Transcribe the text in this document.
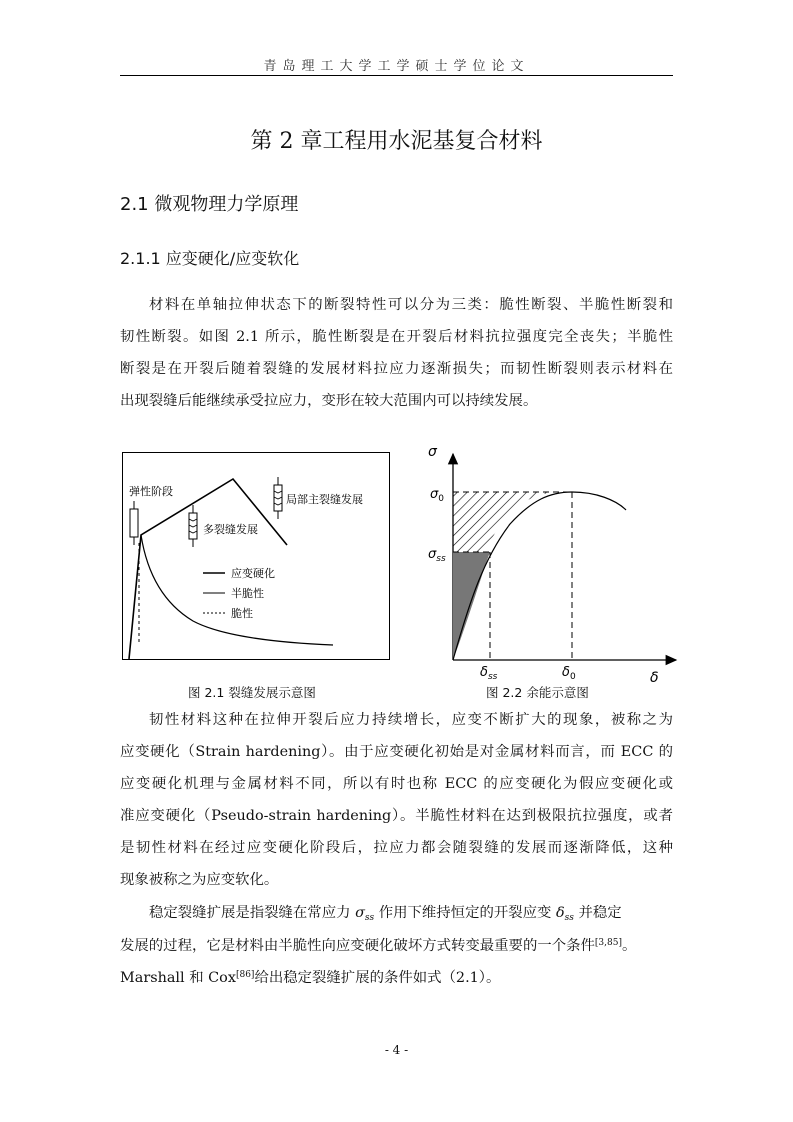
青岛理工大学工学硕士学位论文
第 2 章工程用水泥基复合材料
2.1 微观物理力学原理
2.1.1 应变硬化/应变软化
材料在单轴拉伸状态下的断裂特性可以分为三类：脆性断裂、半脆性断裂和
韧性断裂。如图 2.1 所示，脆性断裂是在开裂后材料抗拉强度完全丧失；半脆性
断裂是在开裂后随着裂缝的发展材料拉应力逐渐损失；而韧性断裂则表示材料在
出现裂缝后能继续承受拉应力，变形在较大范围内可以持续发展。
弹性阶段
多裂缝发展
局部主裂缝发展
应变硬化
半脆性
脆性
σ
δ
$\sigma_0$
$\sigma_{ss}$
$\delta_{ss}$	$\delta_0$
图 2.1 裂缝发展示意图	图 2.2 余能示意图
韧性材料这种在拉伸开裂后应力持续增长，应变不断扩大的现象，被称之为
应变硬化（Strain hardening）。由于应变硬化初始是对金属材料而言，而 ECC 的
应变硬化机理与金属材料不同，所以有时也称 ECC 的应变硬化为假应变硬化或
准应变硬化（Pseudo-strain hardening）。半脆性材料在达到极限抗拉强度，或者
是韧性材料在经过应变硬化阶段后，拉应力都会随裂缝的发展而逐渐降低，这种
现象被称之为应变软化。
稳定裂缝扩展是指裂缝在常应力 $\sigma_{ss}$ 作用下维持恒定的开裂应变 $\delta_{ss}$ 并稳定
发展的过程，它是材料由半脆性向应变硬化破坏方式转变最重要的一个条件[3,85]。
Marshall 和 Cox[86]给出稳定裂缝扩展的条件如式（2.1）。
- 4 -
